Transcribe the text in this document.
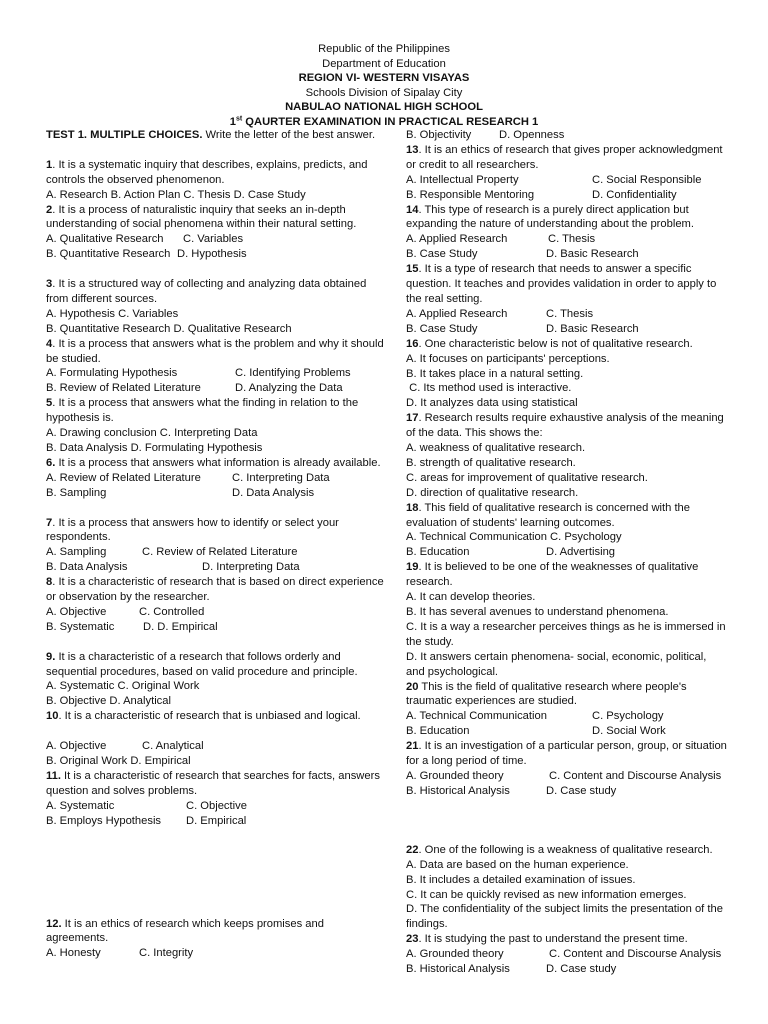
Republic of the Philippines
Department of Education
REGION VI- WESTERN VISAYAS
Schools Division of Sipalay City
NABULAO NATIONAL HIGH SCHOOL
1st QAURTER EXAMINATION IN PRACTICAL RESEARCH 1
TEST 1. MULTIPLE CHOICES. Write the letter of the best answer.
1. It is a systematic inquiry that describes, explains, predicts, and controls the observed phenomenon.
A. Research B. Action Plan C. Thesis D. Case Study
2. It is a process of naturalistic inquiry that seeks an in-depth understanding of social phenomena within their natural setting.
A. Qualitative Research C. Variables
B. Quantitative Research D. Hypothesis
3. It is a structured way of collecting and analyzing data obtained from different sources.
A. Hypothesis C. Variables
B. Quantitative Research D. Qualitative Research
4. It is a process that answers what is the problem and why it should be studied.
A. Formulating Hypothesis	C. Identifying Problems
B. Review of Related Literature	D. Analyzing the Data
5. It is a process that answers what the finding in relation to the hypothesis is.
A. Drawing conclusion C. Interpreting Data
B. Data Analysis D. Formulating Hypothesis
6. It is a process that answers what information is already available.
A. Review of Related Literature	C. Interpreting Data
B. Sampling	D. Data Analysis
7. It is a process that answers how to identify or select your respondents.
A. Sampling	C. Review of Related Literature
B. Data Analysis	D. Interpreting Data
8. It is a characteristic of research that is based on direct experience or observation by the researcher.
A. Objective	C. Controlled
B. Systematic	D. D. Empirical
9. It is a characteristic of a research that follows orderly and sequential procedures, based on valid procedure and principle.
A. Systematic C. Original Work
B. Objective D. Analytical
10. It is a characteristic of research that is unbiased and logical.
A. Objective	C. Analytical
B. Original Work D. Empirical
11. It is a characteristic of research that searches for facts, answers question and solves problems.
A. Systematic	C. Objective
B. Employs Hypothesis D. Empirical
12. It is an ethics of research which keeps promises and agreements.
A. Honesty	C. Integrity
B. Objectivity D. Openness
13. It is an ethics of research that gives proper acknowledgment or credit to all researchers.
A. Intellectual Property	C. Social Responsible
B. Responsible Mentoring	D. Confidentiality
14. This type of research is a purely direct application but expanding the nature of understanding about the problem.
A. Applied Research	C. Thesis
B. Case Study	D. Basic Research
15. It is a type of research that needs to answer a specific question. It teaches and provides validation in order to apply to the real setting.
A. Applied Research	C. Thesis
B. Case Study	D. Basic Research
16. One characteristic below is not of qualitative research.
A. It focuses on participants' perceptions.
B. It takes place in a natural setting.
C. Its method used is interactive.
D. It analyzes data using statistical
17. Research results require exhaustive analysis of the meaning of the data. This shows the:
A. weakness of qualitative research.
B. strength of qualitative research.
C. areas for improvement of qualitative research.
D. direction of qualitative research.
18. This field of qualitative research is concerned with the evaluation of students' learning outcomes.
A. Technical Communication C. Psychology
B. Education	D. Advertising
19. It is believed to be one of the weaknesses of qualitative research.
A. It can develop theories.
B. It has several avenues to understand phenomena.
C. It is a way a researcher perceives things as he is immersed in the study.
D. It answers certain phenomena- social, economic, political, and psychological.
20 This is the field of qualitative research where people's traumatic experiences are studied.
A. Technical Communication	C. Psychology
B. Education	D. Social Work
21. It is an investigation of a particular person, group, or situation for a long period of time.
A. Grounded theory	C. Content and Discourse Analysis
B. Historical Analysis	D. Case study
22. One of the following is a weakness of qualitative research.
A. Data are based on the human experience.
B. It includes a detailed examination of issues.
C. It can be quickly revised as new information emerges.
D. The confidentiality of the subject limits the presentation of the findings.
23. It is studying the past to understand the present time.
A. Grounded theory	C. Content and Discourse Analysis
B. Historical Analysis	D. Case study
